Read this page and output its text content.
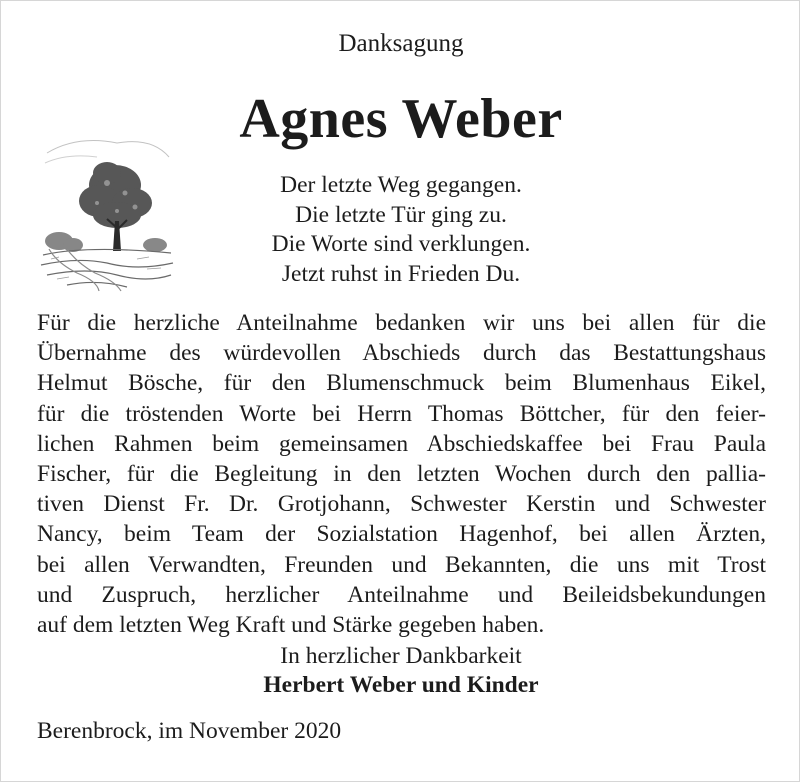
Danksagung
Agnes Weber
Der letzte Weg gegangen.
Die letzte Tür ging zu.
Die Worte sind verklungen.
Jetzt ruhst in Frieden Du.
Für die herzliche Anteilnahme bedanken wir uns bei allen für die
Übernahme des würdevollen Abschieds durch das Bestattungshaus
Helmut Bösche, für den Blumenschmuck beim Blumenhaus Eikel,
für die tröstenden Worte bei Herrn Thomas Böttcher, für den feier-
lichen Rahmen beim gemeinsamen Abschiedskaffee bei Frau Paula
Fischer, für die Begleitung in den letzten Wochen durch den pallia-
tiven Dienst Fr. Dr. Grotjohann, Schwester Kerstin und Schwester
Nancy, beim Team der Sozialstation Hagenhof, bei allen Ärzten,
bei allen Verwandten, Freunden und Bekannten, die uns mit Trost
und Zuspruch, herzlicher Anteilnahme und Beileidsbekundungen
auf dem letzten Weg Kraft und Stärke gegeben haben.
In herzlicher Dankbarkeit
Herbert Weber und Kinder
Berenbrock, im November 2020
